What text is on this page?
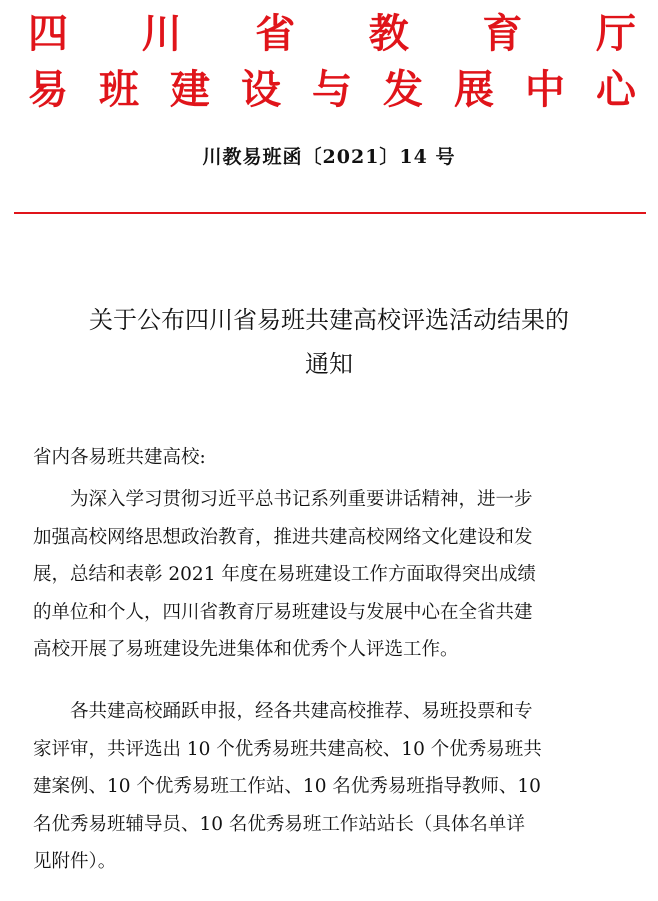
四 川 省 教 育 厅
易 班 建 设 与 发 展 中 心
川教易班函〔2021〕14 号
关于公布四川省易班共建高校评选活动结果的
通知
省内各易班共建高校:
为深入学习贯彻习近平总书记系列重要讲话精神，进一步
加强高校网络思想政治教育，推进共建高校网络文化建设和发
展，总结和表彰 2021 年度在易班建设工作方面取得突出成绩
的单位和个人，四川省教育厅易班建设与发展中心在全省共建
高校开展了易班建设先进集体和优秀个人评选工作。
各共建高校踊跃申报，经各共建高校推荐、易班投票和专
家评审，共评选出 10 个优秀易班共建高校、10 个优秀易班共
建案例、10 个优秀易班工作站、10 名优秀易班指导教师、10
名优秀易班辅导员、10 名优秀易班工作站站长（具体名单详
见附件）。
